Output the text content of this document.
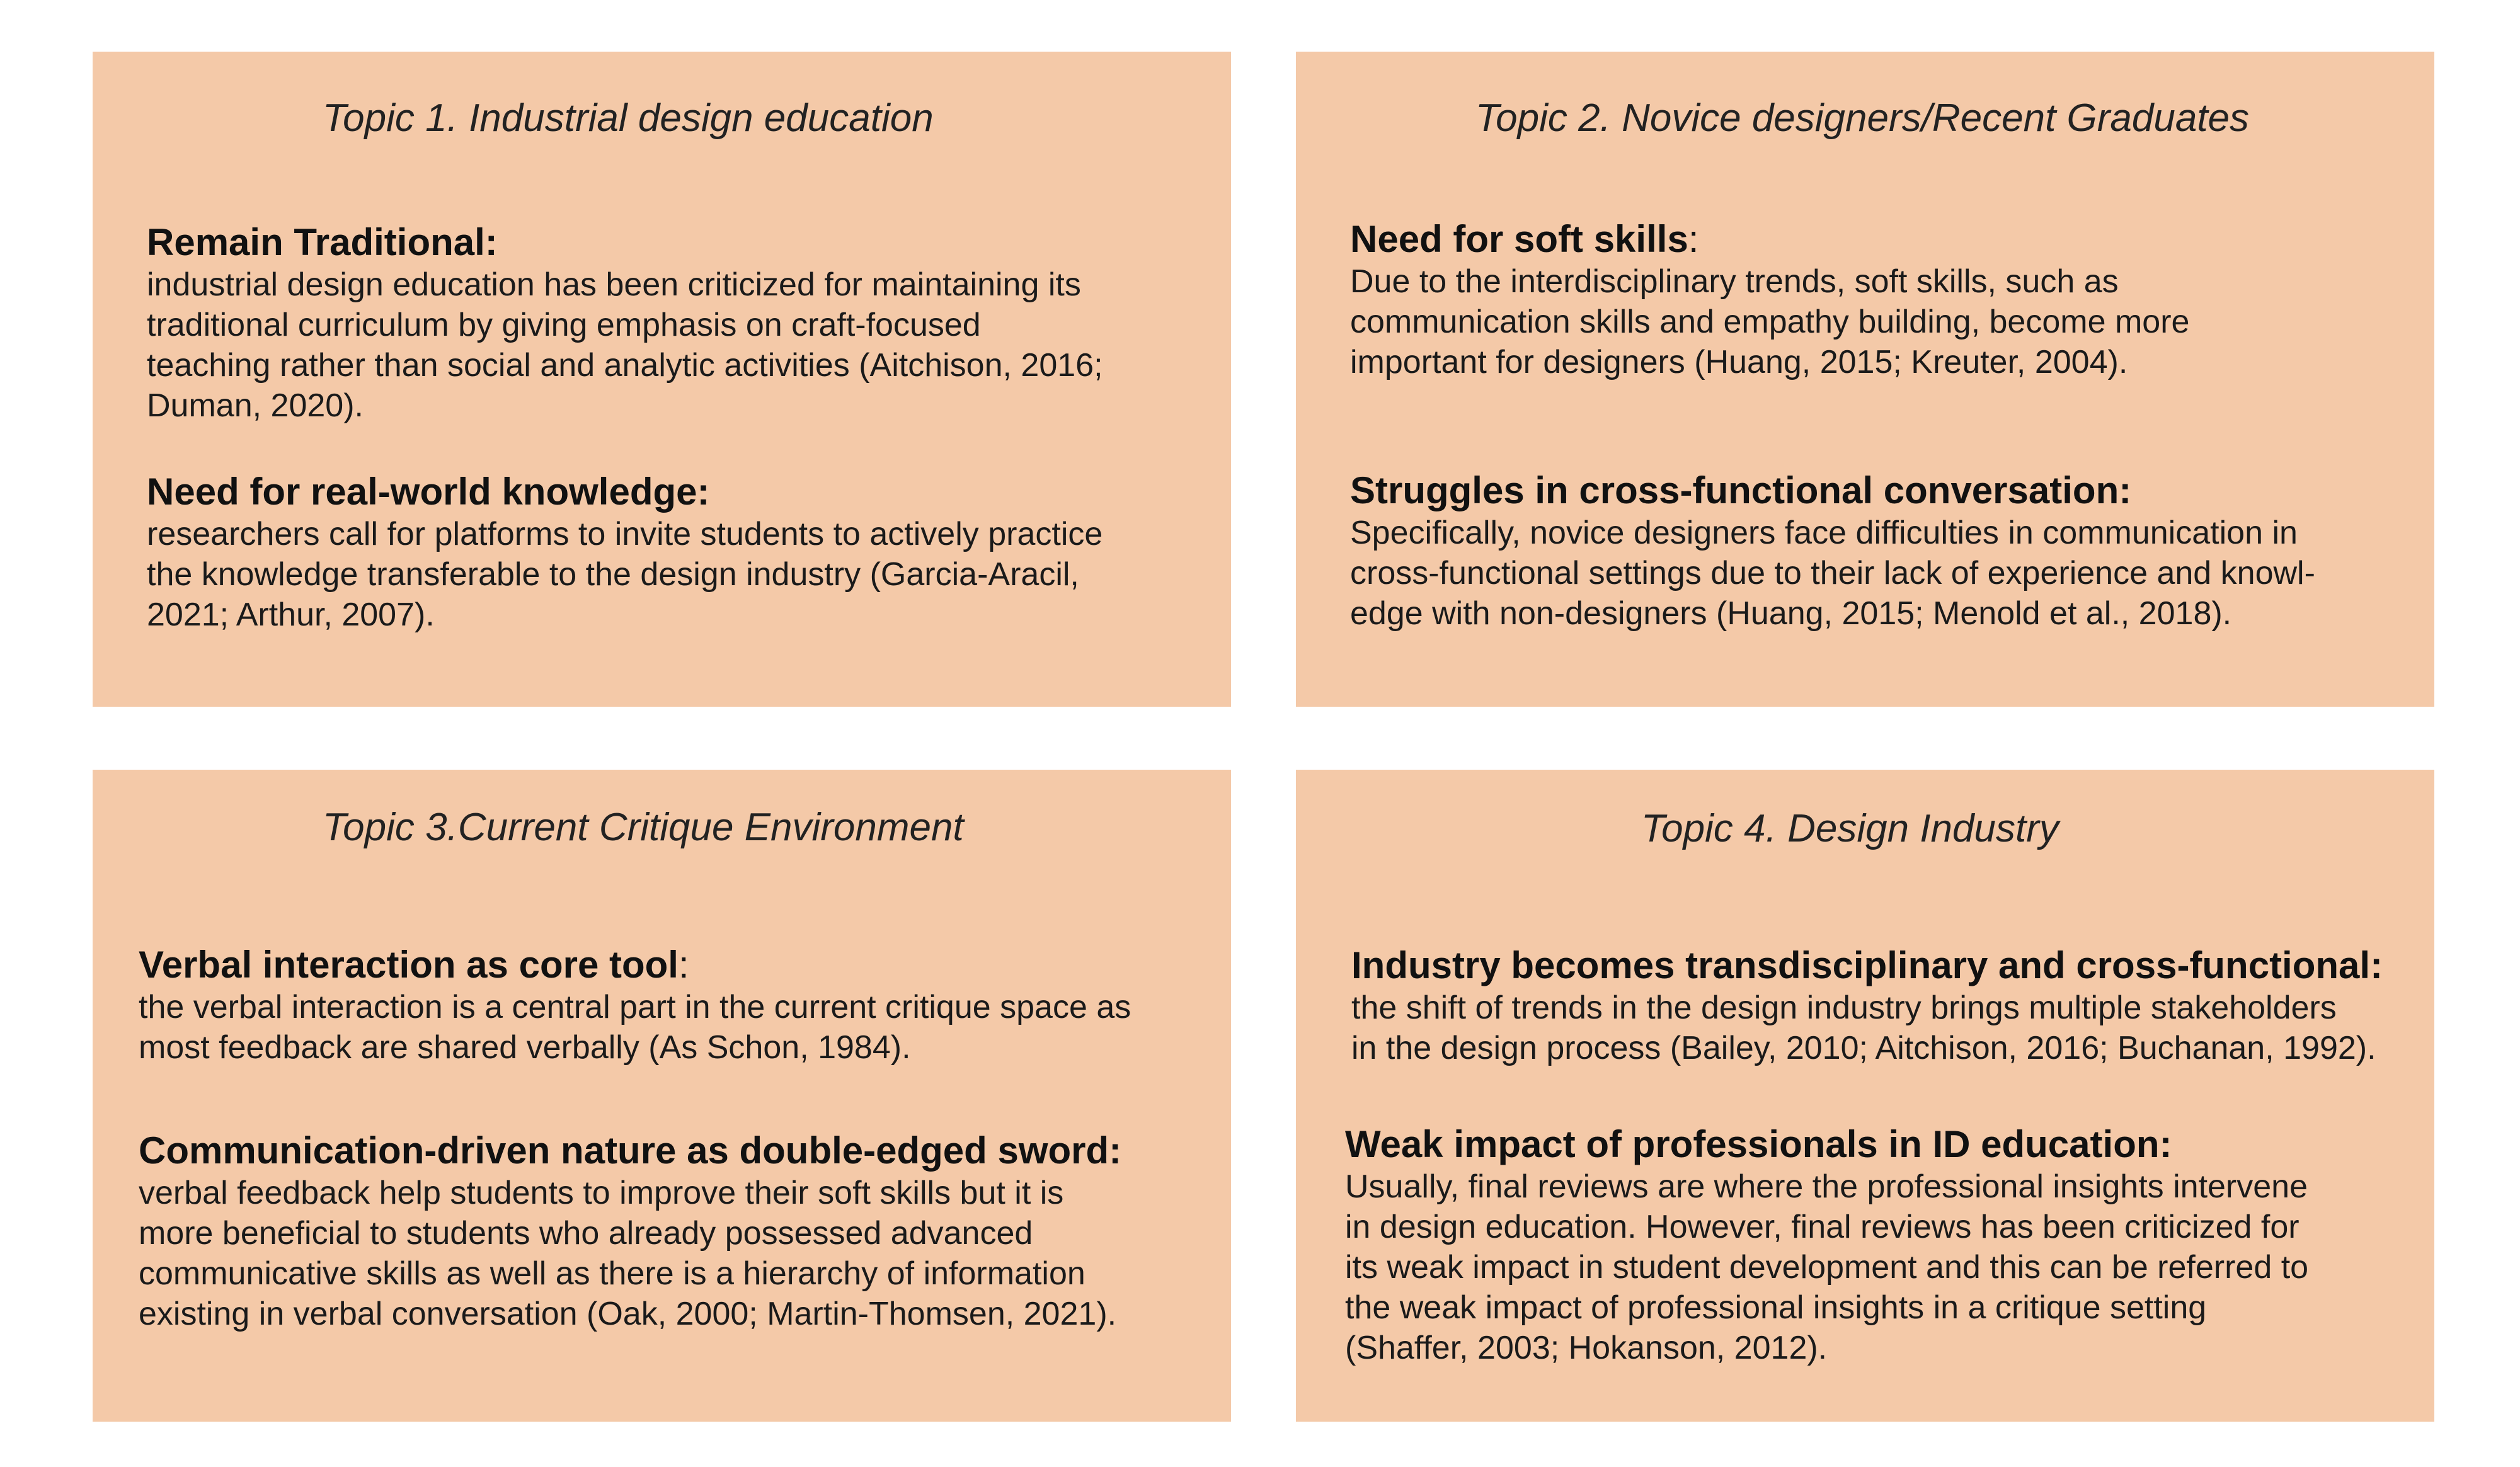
Topic 1. Industrial design education
Remain Traditional:
industrial design education has been criticized for maintaining its
traditional curriculum by giving emphasis on craft-focused
teaching rather than social and analytic activities (Aitchison, 2016;
Duman, 2020).
Need for real-world knowledge:
researchers call for platforms to invite students to actively practice
the knowledge transferable to the design industry (Garcia-Aracil,
2021; Arthur, 2007).
Topic 2. Novice designers/Recent Graduates
Need for soft skills:
Due to the interdisciplinary trends, soft skills, such as
communication skills and empathy building, become more
important for designers (Huang, 2015; Kreuter, 2004).
Struggles in cross-functional conversation:
Specifically, novice designers face difficulties in communication in
cross-functional settings due to their lack of experience and knowl-
edge with non-designers (Huang, 2015; Menold et al., 2018).
Topic 3.Current Critique Environment
Verbal interaction as core tool:
the verbal interaction is a central part in the current critique space as
most feedback are shared verbally (As Schon, 1984).
Communication-driven nature as double-edged sword:
verbal feedback help students to improve their soft skills but it is
more beneficial to students who already possessed advanced
communicative skills as well as there is a hierarchy of information
existing in verbal conversation (Oak, 2000; Martin-Thomsen, 2021).
Topic 4. Design Industry
Industry becomes transdisciplinary and cross-functional:
the shift of trends in the design industry brings multiple stakeholders
in the design process (Bailey, 2010; Aitchison, 2016; Buchanan, 1992).
Weak impact of professionals in ID education:
Usually, final reviews are where the professional insights intervene
in design education. However, final reviews has been criticized for
its weak impact in student development and this can be referred to
the weak impact of professional insights in a critique setting
(Shaffer, 2003; Hokanson, 2012).
